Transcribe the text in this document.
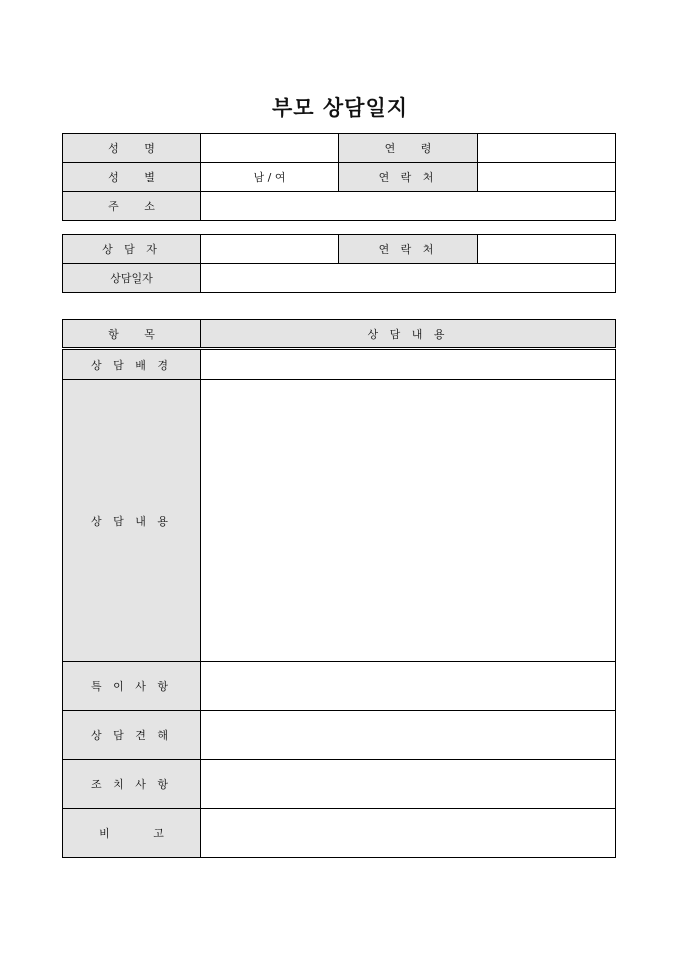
부모 상담일지
성 명		연 령	
성 별	남 / 여	연 락 처	
주 소			
상 담 자		연 락 처	
상담일자			
항 목	상 담 내 용
상 담 배 경	
상 담 내 용	
특 이 사 항	
상 담 견 해	
조 치 사 항	
비 고	
